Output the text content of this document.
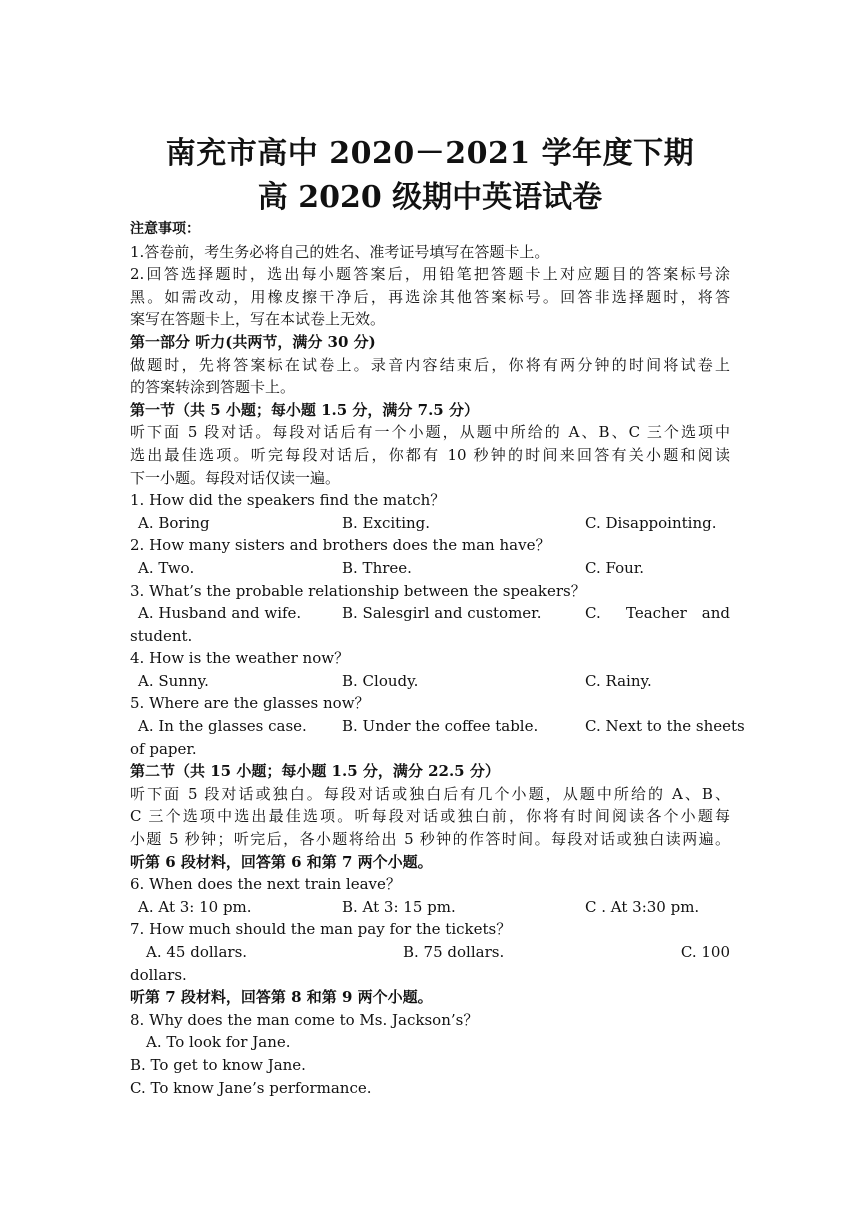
南充市高中 2020－2021 学年度下期
高 2020 级期中英语试卷
注意事项：
1.答卷前，考生务必将自己的姓名、准考证号填写在答题卡上。
2.回答选择题时，选出每小题答案后，用铅笔把答题卡上对应题目的答案标号涂
黑。如需改动，用橡皮擦干净后，再选涂其他答案标号。回答非选择题时，将答
案写在答题卡上，写在本试卷上无效。
第一部分 听力(共两节，满分 30 分)
做题时，先将答案标在试卷上。录音内容结束后，你将有两分钟的时间将试卷上
的答案转涂到答题卡上。
第一节（共 5 小题；每小题 1.5 分，满分 7.5 分）
听下面 5 段对话。每段对话后有一个小题，从题中所给的 A、B、C 三个选项中
选出最佳选项。听完每段对话后，你都有 10 秒钟的时间来回答有关小题和阅读
下一小题。每段对话仅读一遍。
1. How did the speakers find the match？
A. Boring	B. Exciting.	C. Disappointing.
2. How many sisters and brothers does the man have？
A. Two.	B. Three.	C. Four.
3. What’s the probable relationship between the speakers？
A. Husband and wife.	B. Salesgirl and customer.	C. Teacher and
student.
4. How is the weather now？
A. Sunny.	B. Cloudy.	C. Rainy.
5. Where are the glasses now？
A. In the glasses case. B. Under the coffee table.	C. Next to the sheets
of paper.
第二节（共 15 小题；每小题 1.5 分，满分 22.5 分）
听下面 5 段对话或独白。每段对话或独白后有几个小题，从题中所给的 A、B、
C 三个选项中选出最佳选项。听每段对话或独白前，你将有时间阅读各个小题每
小题 5 秒钟；听完后，各小题将给出 5 秒钟的作答时间。每段对话或独白读两遍。
听第 6 段材料，回答第 6 和第 7 两个小题。
6. When does the next train leave？
A. At 3: 10 pm.	B. At 3: 15 pm.	C . At 3:30 pm.
7. How much should the man pay for the tickets？
A. 45 dollars.	B. 75 dollars.	C. 100
dollars.
听第 7 段材料，回答第 8 和第 9 两个小题。
8. Why does the man come to Ms. Jackson’s？
A. To look for Jane.
B. To get to know Jane.
C. To know Jane’s performance.
